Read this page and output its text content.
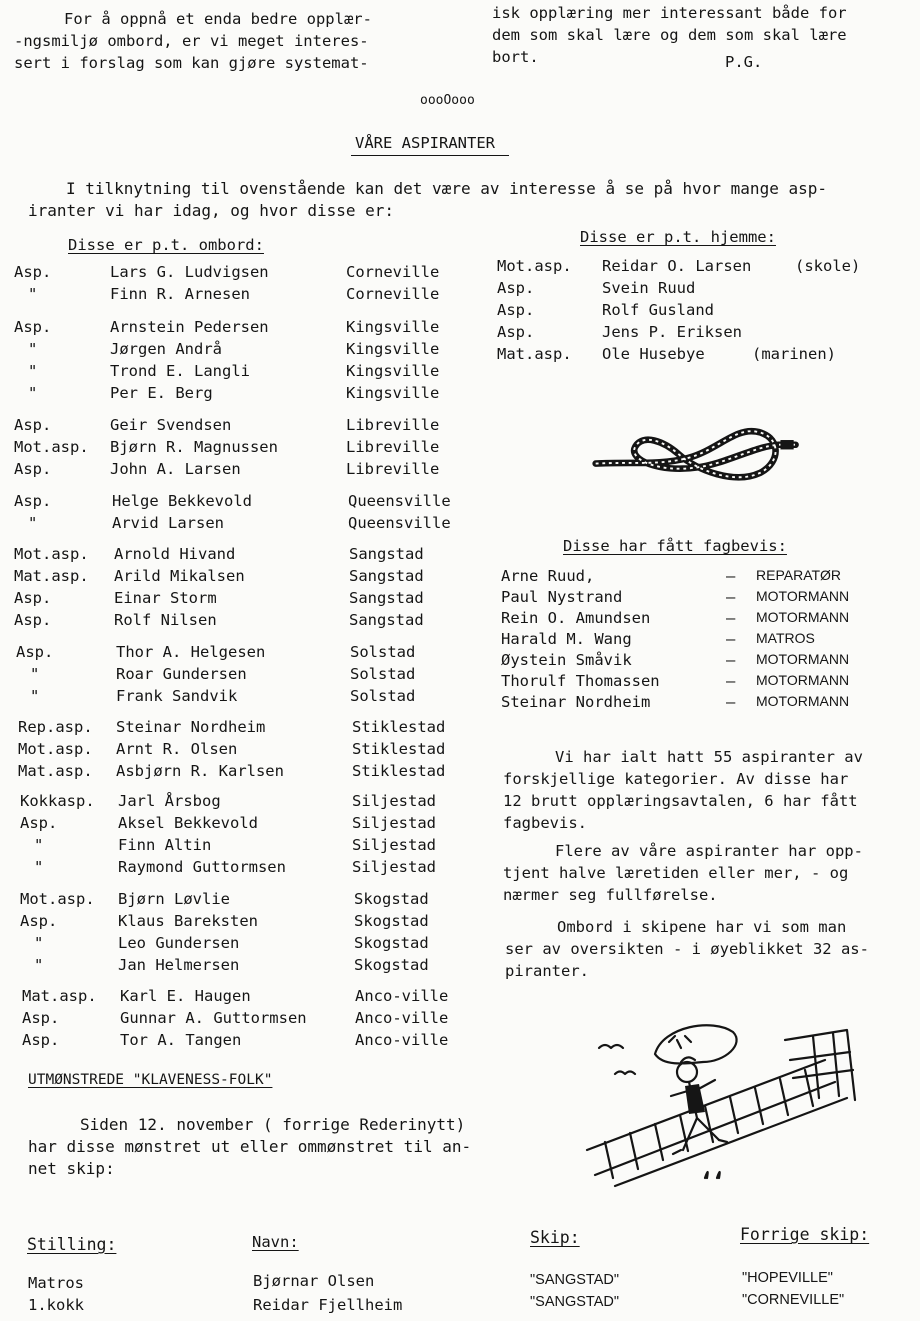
For å oppnå et enda bedre opplær-
-ngsmiljø ombord, er vi meget interes-
sert i forslag som kan gjøre systemat-
isk opplæring mer interessant både for
dem som skal lære og dem som skal lære
bort.	P.G.
oooOooo
VÅRE ASPIRANTER
I tilknytning til ovenstående kan det være av interesse å se på hvor mange asp-
iranter vi har idag, og hvor disse er:
Disse er p.t. ombord:
Asp.	Lars G. Ludvigsen	Corneville
"	Finn R. Arnesen	Corneville
Asp.	Arnstein Pedersen	Kingsville
"	Jørgen Andrå	Kingsville
"	Trond E. Langli	Kingsville
"	Per E. Berg	Kingsville
Asp.	Geir Svendsen	Libreville
Mot.asp. Bjørn R. Magnussen	Libreville
Asp.	John A. Larsen	Libreville
Asp.	Helge Bekkevold	Queensville
"	Arvid Larsen	Queensville
Mot.asp. Arnold Hivand	Sangstad
Mat.asp. Arild Mikalsen	Sangstad
Asp.	Einar Storm	Sangstad
Asp.	Rolf Nilsen	Sangstad
Asp.	Thor A. Helgesen	Solstad
"	Roar Gundersen	Solstad
"	Frank Sandvik	Solstad
Rep.asp. Steinar Nordheim	Stiklestad
Mot.asp. Arnt R. Olsen	Stiklestad
Mat.asp. Asbjørn R. Karlsen	Stiklestad
Kokkasp. Jarl Årsbog	Siljestad
Asp.	Aksel Bekkevold	Siljestad
"	Finn Altin	Siljestad
"	Raymond Guttormsen	Siljestad
Mot.asp. Bjørn Løvlie	Skogstad
Asp.	Klaus Bareksten	Skogstad
"	Leo Gundersen	Skogstad
"	Jan Helmersen	Skogstad
Mat.asp. Karl E. Haugen	Anco-ville
Asp.	Gunnar A. Guttormsen	Anco-ville
Asp.	Tor A. Tangen	Anco-ville
Disse er p.t. hjemme:
Mot.asp. Reidar O. Larsen	(skole)
Asp.	Svein Ruud
Asp.	Rolf Gusland
Asp.	Jens P. Eriksen
Mat.asp. Ole Husebye	(marinen)
Disse har fått fagbevis:
Arne Ruud,	– REPARATØR
Paul Nystrand	– MOTORMANN
Rein O. Amundsen	– MOTORMANN
Harald M. Wang	– MATROS
Øystein Småvik	– MOTORMANN
Thorulf Thomassen	– MOTORMANN
Steinar Nordheim	– MOTORMANN
Vi har ialt hatt 55 aspiranter av
forskjellige kategorier. Av disse har
12 brutt opplæringsavtalen, 6 har fått
fagbevis.
Flere av våre aspiranter har opp-
tjent halve læretiden eller mer, - og
nærmer seg fullførelse.
Ombord i skipene har vi som man
ser av oversikten - i øyeblikket 32 as-
piranter.
UTMØNSTREDE "KLAVENESS-FOLK"
Siden 12. november ( forrige Rederinytt)
har disse mønstret ut eller ommønstret til an-
net skip:
Stilling:	Navn:	Skip:	Forrige skip:
Matros	Bjørnar Olsen	"SANGSTAD"	"HOPEVILLE"
1.kokk	Reidar Fjellheim	"SANGSTAD"	"CORNEVILLE"
